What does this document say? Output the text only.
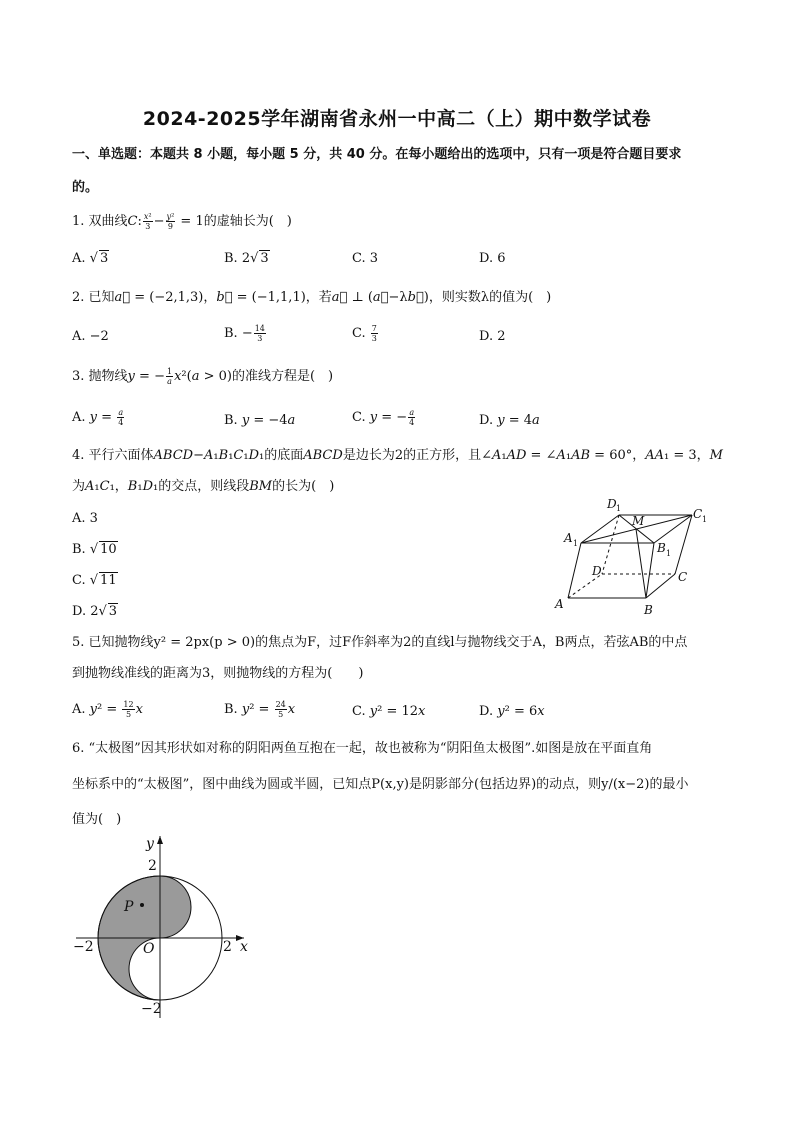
2024-2025学年湖南省永州一中高二（上）期中数学试卷
一、单选题：本题共 8 小题，每小题 5 分，共 40 分。在每小题给出的选项中，只有一项是符合题目要求
的。
1. 双曲线C: $\frac{\text{x²}}{3} - \frac{\text{y²}}{9} = 1$的虚轴长为(　)
A. √ 3	B. 2√ 3	C. 3	D. 6
2. 已知a⃗ = (−2,1,3)，b⃗ = (−1,1,1)，若a⃗ ⊥ (a⃗−λb⃗)，则实数λ的值为(　)
A. −2	B. − $\frac{14}{3}$	C. $\frac{7}{3}$	D. 2
3. 抛物线y = − $\frac{1}{a} x^2(a > 0)$的准线方程是(　)
A. $y = \frac{a}{4}$	B. y = −4a	C. y = − $\frac{a}{4}$	D. y = 4a
4. 平行六面体ABCD−A₁B₁C₁D₁的底面ABCD是边长为2的正方形，且∠A₁AD = ∠A₁AB = 60°，AA₁ = 3，M
为A₁C₁，B₁D₁的交点，则线段BM的长为(　)
A. 3
B. √ 10
C. √ 11
D. 2√ 3
D 1
M	C 1
A 1	B 1
D	C
A	B
5. 已知抛物线y² = 2px(p > 0)的焦点为F，过F作斜率为2的直线l与抛物线交于A，B两点，若弦AB的中点
到抛物线准线的距离为3，则抛物线的方程为(　　)
A. $y^2 = \frac{12}{5}$ x	B. $y^2 = \frac{24}{5}$ x	C. y² = 12x	D. y² = 6x
6. “太极图”因其形状如对称的阴阳两鱼互抱在一起，故也被称为“阴阳鱼太极图”.如图是放在平面直角
坐标系中的“太极图”，图中曲线为圆或半圆，已知点P(x,y)是阴影部分(包括边界)的动点，则y/(x−2)的最小
值为(　)
y
2
P
−2	O	2 x
−2
